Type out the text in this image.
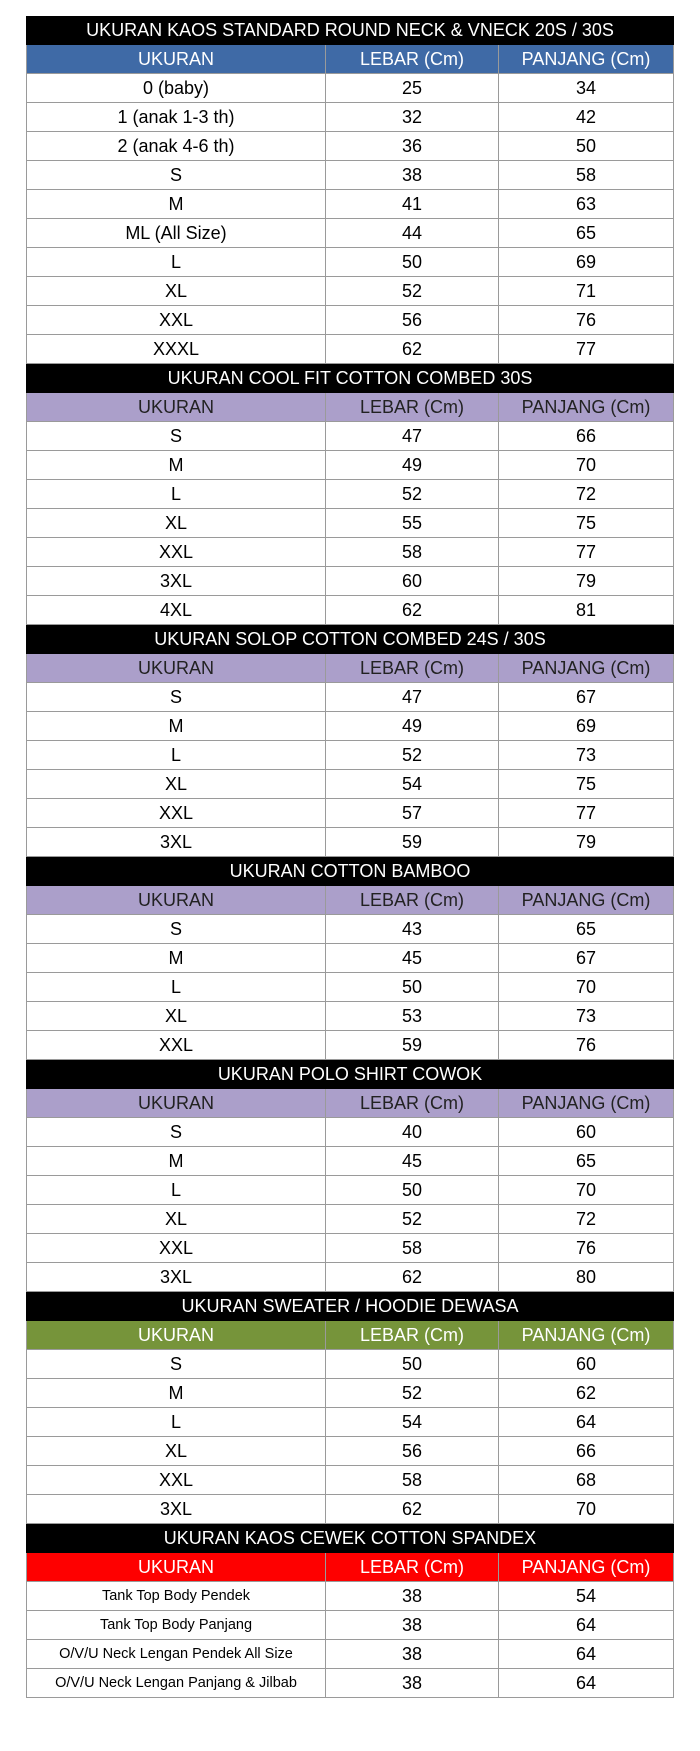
UKURAN KAOS STANDARD ROUND NECK & VNECK 20S / 30S
UKURAN	LEBAR (Cm)	PANJANG (Cm)
0 (baby)	25	34
1 (anak 1-3 th)	32	42
2 (anak 4-6 th)	36	50
S	38	58
M	41	63
ML (All Size)	44	65
L	50	69
XL	52	71
XXL	56	76
XXXL	62	77
UKURAN COOL FIT COTTON COMBED 30S
UKURAN	LEBAR (Cm)	PANJANG (Cm)
S	47	66
M	49	70
L	52	72
XL	55	75
XXL	58	77
3XL	60	79
4XL	62	81
UKURAN SOLOP COTTON COMBED 24S / 30S
UKURAN	LEBAR (Cm)	PANJANG (Cm)
S	47	67
M	49	69
L	52	73
XL	54	75
XXL	57	77
3XL	59	79
UKURAN COTTON BAMBOO
UKURAN	LEBAR (Cm)	PANJANG (Cm)
S	43	65
M	45	67
L	50	70
XL	53	73
XXL	59	76
UKURAN POLO SHIRT COWOK
UKURAN	LEBAR (Cm)	PANJANG (Cm)
S	40	60
M	45	65
L	50	70
XL	52	72
XXL	58	76
3XL	62	80
UKURAN SWEATER / HOODIE DEWASA
UKURAN	LEBAR (Cm)	PANJANG (Cm)
S	50	60
M	52	62
L	54	64
XL	56	66
XXL	58	68
3XL	62	70
UKURAN KAOS CEWEK COTTON SPANDEX
UKURAN	LEBAR (Cm)	PANJANG (Cm)
Tank Top Body Pendek	38	54
Tank Top Body Panjang	38	64
O/V/U Neck Lengan Pendek All Size	38	64
O/V/U Neck Lengan Panjang & Jilbab	38	64
